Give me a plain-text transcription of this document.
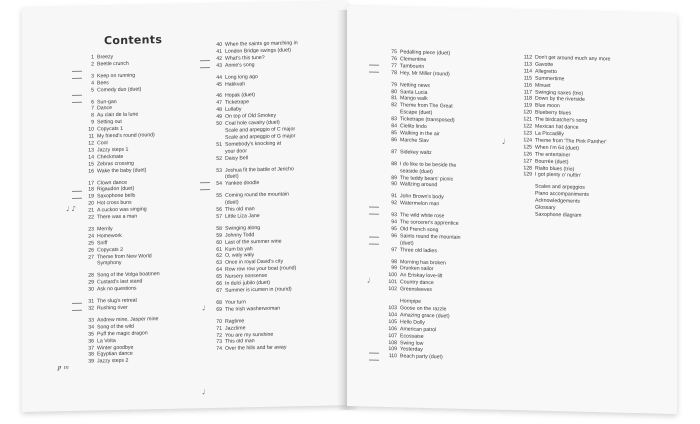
Contents
1 Breezy
2 Beetle crunch
3 Keep on running
4 Bees
5 Comedy duo (duet)
6 Sun-gan
7 Dance
8 Au clair de la lune
9 Setting out
10 Copycats 1
11 My friend's round (round)
12 Cool
13 Jazzy steps 1
14 Checkmate
15 Zebras crossing
16 Wake the baby (duet)
17 Clown dance
18 Rigaudon (duet)
19 Saxophone bells
20 Hot cross buns
21 A cuckoo was singing
22 There was a man
23 Merrily
24 Homework
25 Sniff
26 Copycats 2
27 Theme from New World
Symphony
28 Song of the Volga boatmen
29 Custard's last stand
30 Ask no questions
31 The slug's retreat
32 Rushing river
33 Andrew mine, Jasper mine
34 Song of the wild
35 Puff the magic dragon
36 La Volta
37 Winter goodbye
38 Egyptian dance
39 Jazzy steps 2
40 When the saints go marching in
41 London Bridge swings (duet)
42 What's this tune?
43 Annie's song
44 Long long ago
45 Hatikvah
46 Hopak (duet)
47 Ticketrape
48 Lullaby
49 On top of Old Smokey
50 Coal hole cavalry (duet)
Scale and arpeggio of C major
Scale and arpeggio of G major
51 Somebody's knocking at
your door
52 Daisy Bell
53 Joshua fit the battle of Jericho
(duet)
54 Yankee doodle
55 Coming round the mountain
(duet)
56 This old man
57 Little Liza Jane
58 Swinging along
59 Johnny Todd
60 Last of the summer wine
61 Kum ba yah
62 O, waly waly
63 Once in royal David's city
64 Row row row your boat (round)
65 Nursery nonsense
66 In dulci jubilo (duet)
67 Summer is icumen in (round)
68 Your turn
69 The Irish washerwoman
70 Ragtime
71 Jazztime
72 You are my sunshine
73 This old man
74 Over the hills and far away
♩ ♪
𝆏 𝆐
♩
♩
75 Pedalling piece (duet)
76 Clementine
77 Tambourin
78 Hey, Mr Miller (round)
79 Netting news
80 Santa Lucia
81 Mango walk
82 Theme from The Great
Escape (duet)
83 Ticketrape (transposed)
84 Cielito lindo
85 Walking in the air
86 Marche Slav
87 Sidekey waltz
88 I do like to be beside the
seaside (duet)
89 The teddy bears' picnic
90 Waltzing around
91 John Brown's body
92 Watermelon man
93 The wild white rose
94 The sorcerer's apprentice
95 Old French song
96 Saints round the mountain
(duet)
97 Three old ladies
98 Morning has broken
99 Drunken sailor
100 An Eriskay love-lilt
101 Country dance
102 Greensleeves
Hornpipe
103 Goose on the razzle
104 Amazing grace (duet)
105 Hello Dolly
106 American patrol
107 Ecossaise
108 Swing low
109 Yesterday
110 Beach party (duet)
112 Don't get around much any more
113 Gavotte
114 Allegretto
115 Summertime
116 Minuet
117 Swinging saxes (trio)
118 Down by the riverside
119 Blue moon
120 Blueberry blues
121 The birdcatcher's song
122 Mexican hat dance
123 La Piccadilly
124 Theme from 'The Pink Panther'
125 When I'm 64 (duet)
126 The entertainer
127 Bourrée (duet)
128 Rialto blues (trio)
129 I got plenty o' nuttin'
Scales and arpeggios
Piano accompaniments
Acknowledgements
Glossary
Saxophone diagram
♩
♩
